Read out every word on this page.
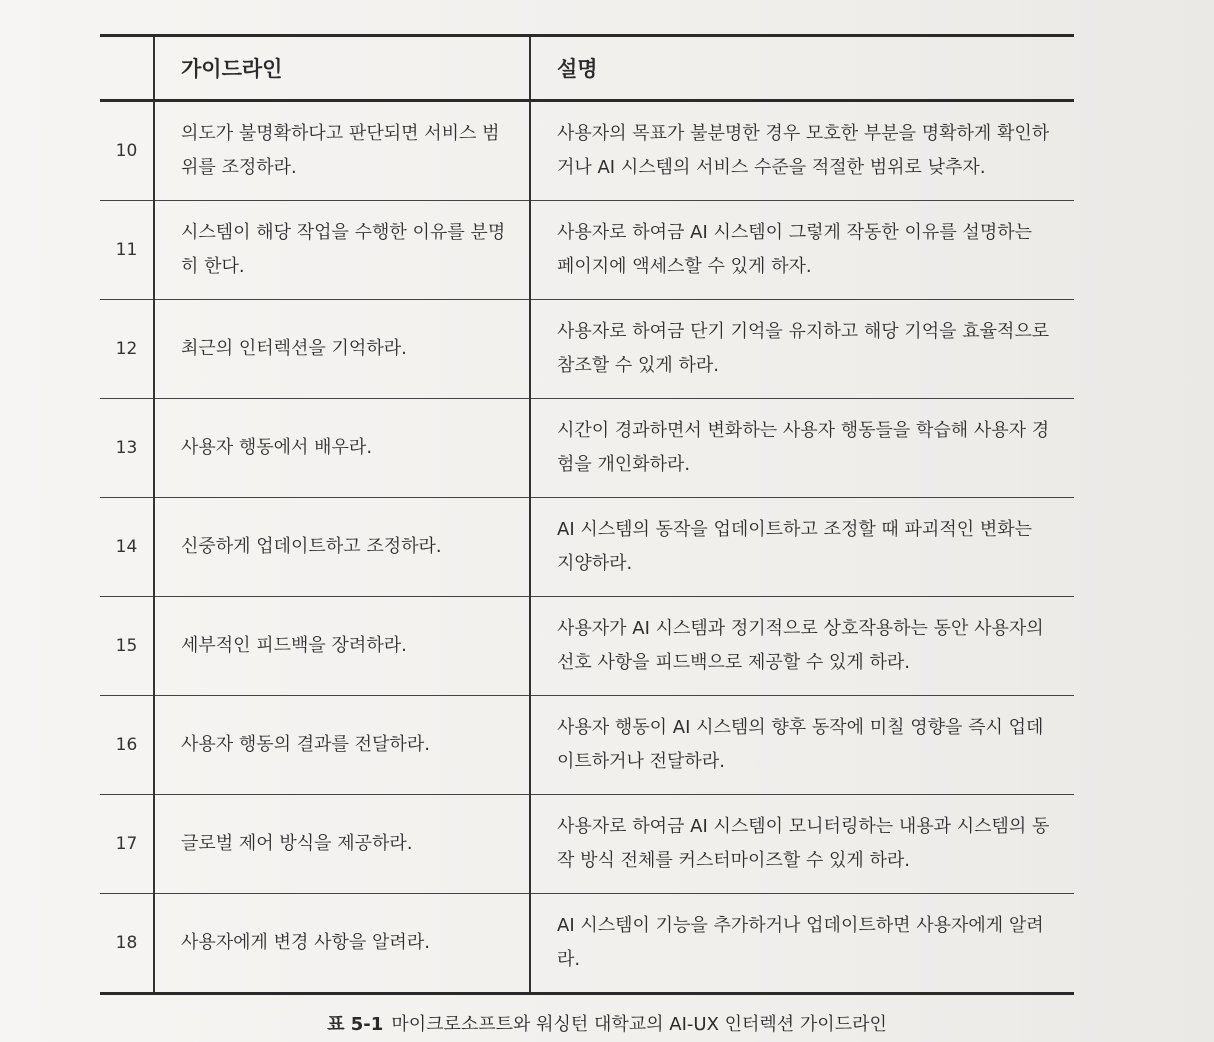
	가이드라인	설명
10	의도가 불명확하다고 판단되면 서비스 범위를 조정하라.	사용자의 목표가 불분명한 경우 모호한 부분을 명확하게 확인하거나 AI 시스템의 서비스 수준을 적절한 범위로 낮추자.
11	시스템이 해당 작업을 수행한 이유를 분명히 한다.	사용자로 하여금 AI 시스템이 그렇게 작동한 이유를 설명하는 페이지에 액세스할 수 있게 하자.
12	최근의 인터렉션을 기억하라.	사용자로 하여금 단기 기억을 유지하고 해당 기억을 효율적으로 참조할 수 있게 하라.
13	사용자 행동에서 배우라.	시간이 경과하면서 변화하는 사용자 행동들을 학습해 사용자 경험을 개인화하라.
14	신중하게 업데이트하고 조정하라.	AI 시스템의 동작을 업데이트하고 조정할 때 파괴적인 변화는 지양하라.
15	세부적인 피드백을 장려하라.	사용자가 AI 시스템과 정기적으로 상호작용하는 동안 사용자의 선호 사항을 피드백으로 제공할 수 있게 하라.
16	사용자 행동의 결과를 전달하라.	사용자 행동이 AI 시스템의 향후 동작에 미칠 영향을 즉시 업데이트하거나 전달하라.
17	글로벌 제어 방식을 제공하라.	사용자로 하여금 AI 시스템이 모니터링하는 내용과 시스템의 동작 방식 전체를 커스터마이즈할 수 있게 하라.
18	사용자에게 변경 사항을 알려라.	AI 시스템이 기능을 추가하거나 업데이트하면 사용자에게 알려라.
표 5-1 마이크로소프트와 워싱턴 대학교의 AI-UX 인터렉션 가이드라인
